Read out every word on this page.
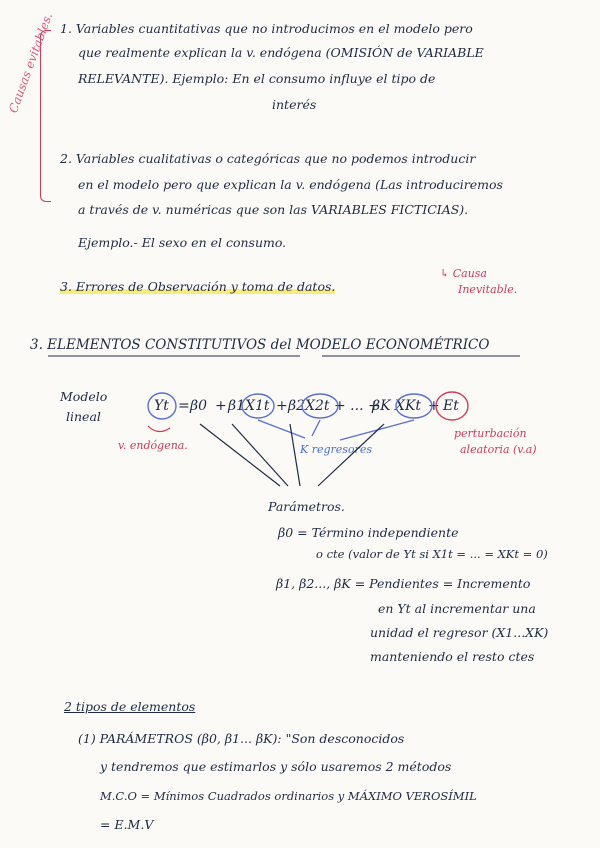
Causas evitables. 1. Variables cuantitativas que no introducimos en el modelo pero
que realmente explican la v. endógena (OMISIÓN de VARIABLE
RELEVANTE). Ejemplo: En el consumo influye el tipo de
interés
2. Variables cualitativas o categóricas que no podemos introducir
en el modelo pero que explican la v. endógena (Las introduciremos
a través de v. numéricas que son las VARIABLES FICTICIAS).
Ejemplo.- El sexo en el consumo.
3. Errores de Observación y toma de datos.
↳ Causa
Inevitable.
3. ELEMENTOS CONSTITUTIVOS del MODELO ECONOMÉTRICO
Modelo
lineal
Yt = β0 + β1X1t + β2X2t + ... +
βK XKt + Et
v. endógena.	K regresores
perturbación
aleatoria (v.a)
Parámetros.
β0 = Término independiente
o cte (valor de Yt si X1t = ... = XKt = 0)
β1, β2..., βK = Pendientes = Incremento
en Yt al incrementar una
unidad el regresor (X1...XK)
manteniendo el resto ctes
2 tipos de elementos
(1) PARÁMETROS (β0, β1... βK): "Son desconocidos
y tendremos que estimarlos y sólo usaremos 2 métodos
M.C.O = Mínimos Cuadrados ordinarios y MÁXIMO VEROSÍMIL
= E.M.V
